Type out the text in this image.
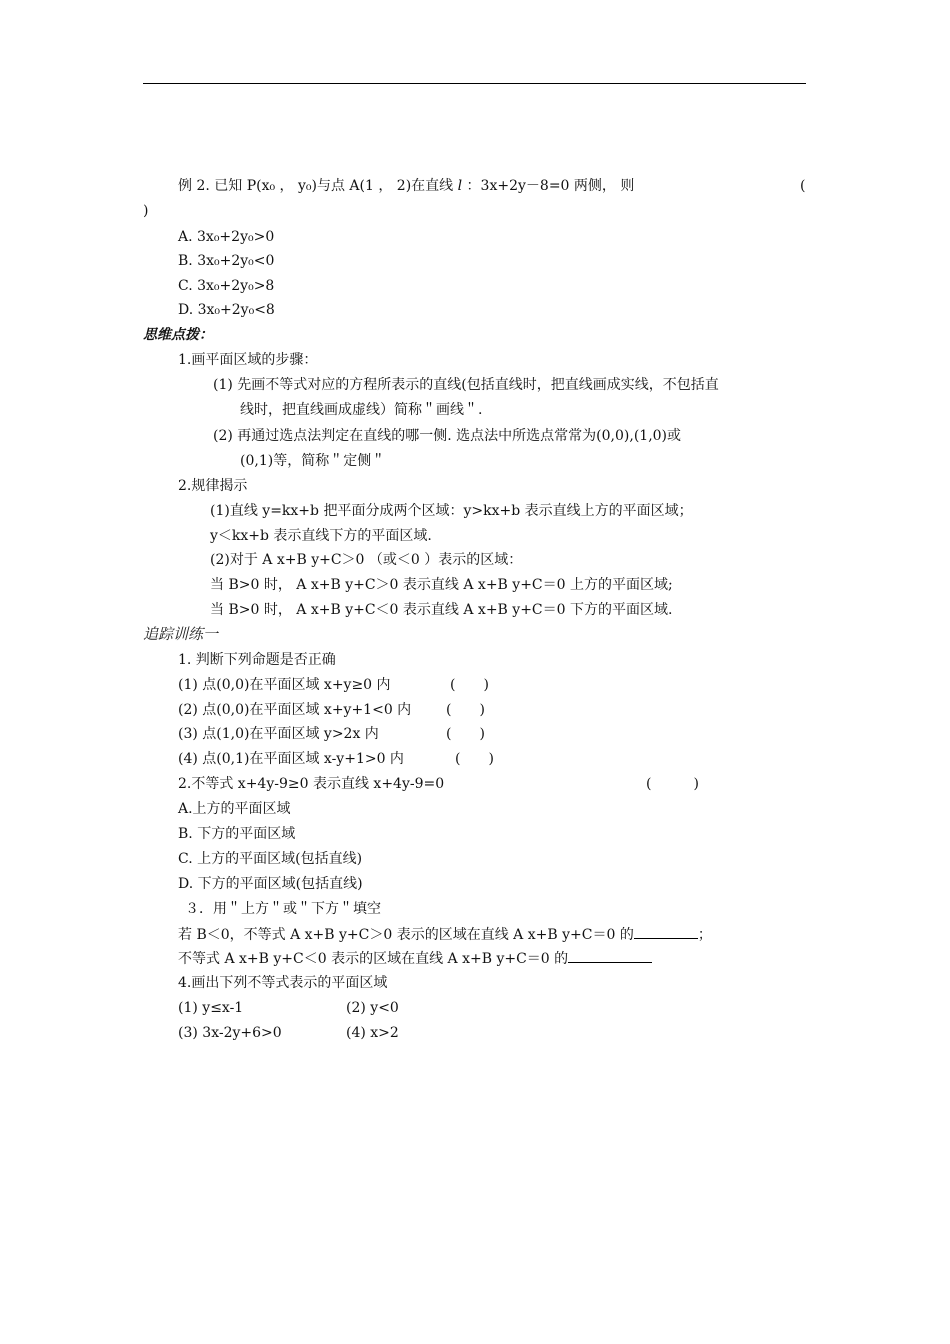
例 2. 已知 P(x₀ ， y₀)与点 A(1 ， 2)在直线 𝑙 ：3x+2y－8=0 两侧， 则	(
)
A. 3x₀+2y₀>0
B. 3x₀+2y₀<0
C. 3x₀+2y₀>8
D. 3x₀+2y₀<8
思维点拨：
1.画平面区域的步骤：
(1) 先画不等式对应的方程所表示的直线(包括直线时，把直线画成实线，不包括直
线时，把直线画成虚线）简称＂画线＂.
(2) 再通过选点法判定在直线的哪一侧. 选点法中所选点常常为(0,0),(1,0)或
(0,1)等，简称＂定侧＂
2.规律揭示
(1)直线 y=kx+b 把平面分成两个区域：y>kx+b 表示直线上方的平面区域；
y＜kx+b 表示直线下方的平面区域.
(2)对于 A x+B y+C＞0 （或＜0 ）表示的区域：
当 B>0 时， A x+B y+C＞0 表示直线 A x+B y+C＝0 上方的平面区域;
当 B>0 时， A x+B y+C＜0 表示直线 A x+B y+C＝0 下方的平面区域.
追踪训练一
1. 判断下列命题是否正确
(1) 点(0,0)在平面区域 x+y≥0 内	(　　)
(2) 点(0,0)在平面区域 x+y+1<0 内 (　　)
(3) 点(1,0)在平面区域 y>2x 内	(　　)
(4) 点(0,1)在平面区域 x-y+1>0 内	(　　)
2.不等式 x+4y-9≥0 表示直线 x+4y-9=0	(　　　)
A.上方的平面区域
B. 下方的平面区域
C. 上方的平面区域(包括直线)
D. 下方的平面区域(包括直线)
３．用＂上方＂或＂下方＂填空
若 B＜0，不等式 A x+B y+C＞0 表示的区域在直线 A x+B y+C＝0 的	；
不等式 A x+B y+C＜0 表示的区域在直线 A x+B y+C＝0 的
4.画出下列不等式表示的平面区域
(1) y≤x-1	(2) y<0
(3) 3x-2y+6>0	(4) x>2
